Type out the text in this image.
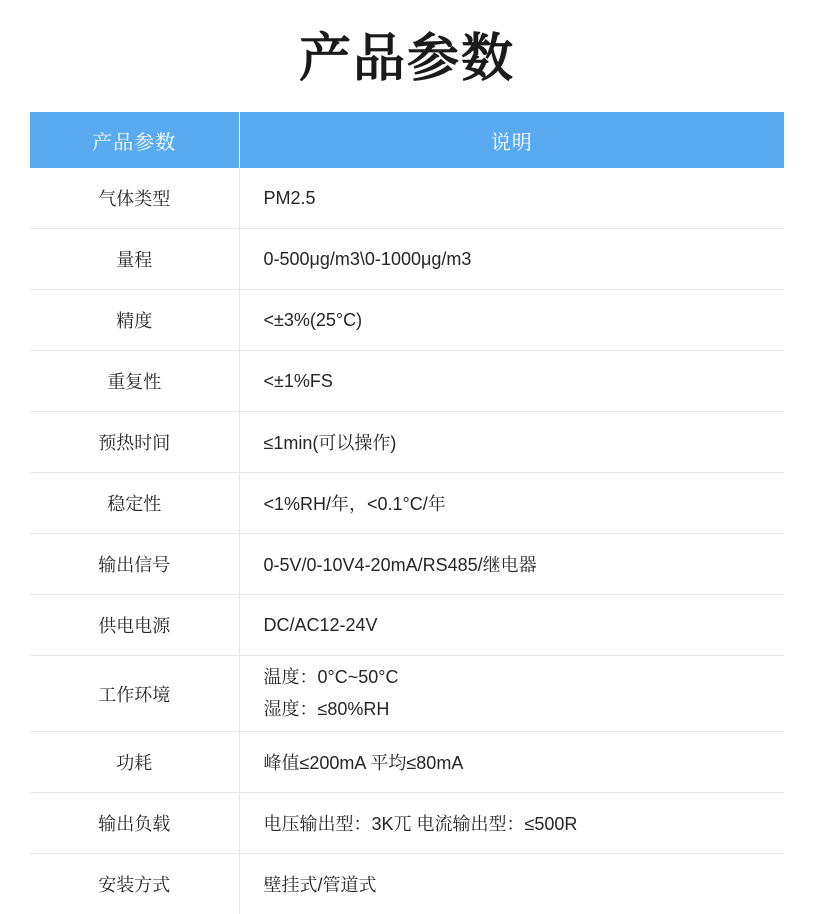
产品参数
产品参数	说明
气体类型	PM2.5
量程	0-500μg/m3\0-1000μg/m3
精度	<±3%(25°C)
重复性	<±1%FS
预热时间	≤1min(可以操作)
稳定性	<1%RH/年，<0.1°C/年
输出信号	0-5V/0-10V4-20mA/RS485/继电器
供电电源	DC/AC12-24V
工作环境	温度：0°C~50°C
湿度：≤80%RH

功耗	峰值≤200mA 平均≤80mA
输出负载	电压输出型：3K兀 电流输出型：≤500R
安装方式	壁挂式/管道式
